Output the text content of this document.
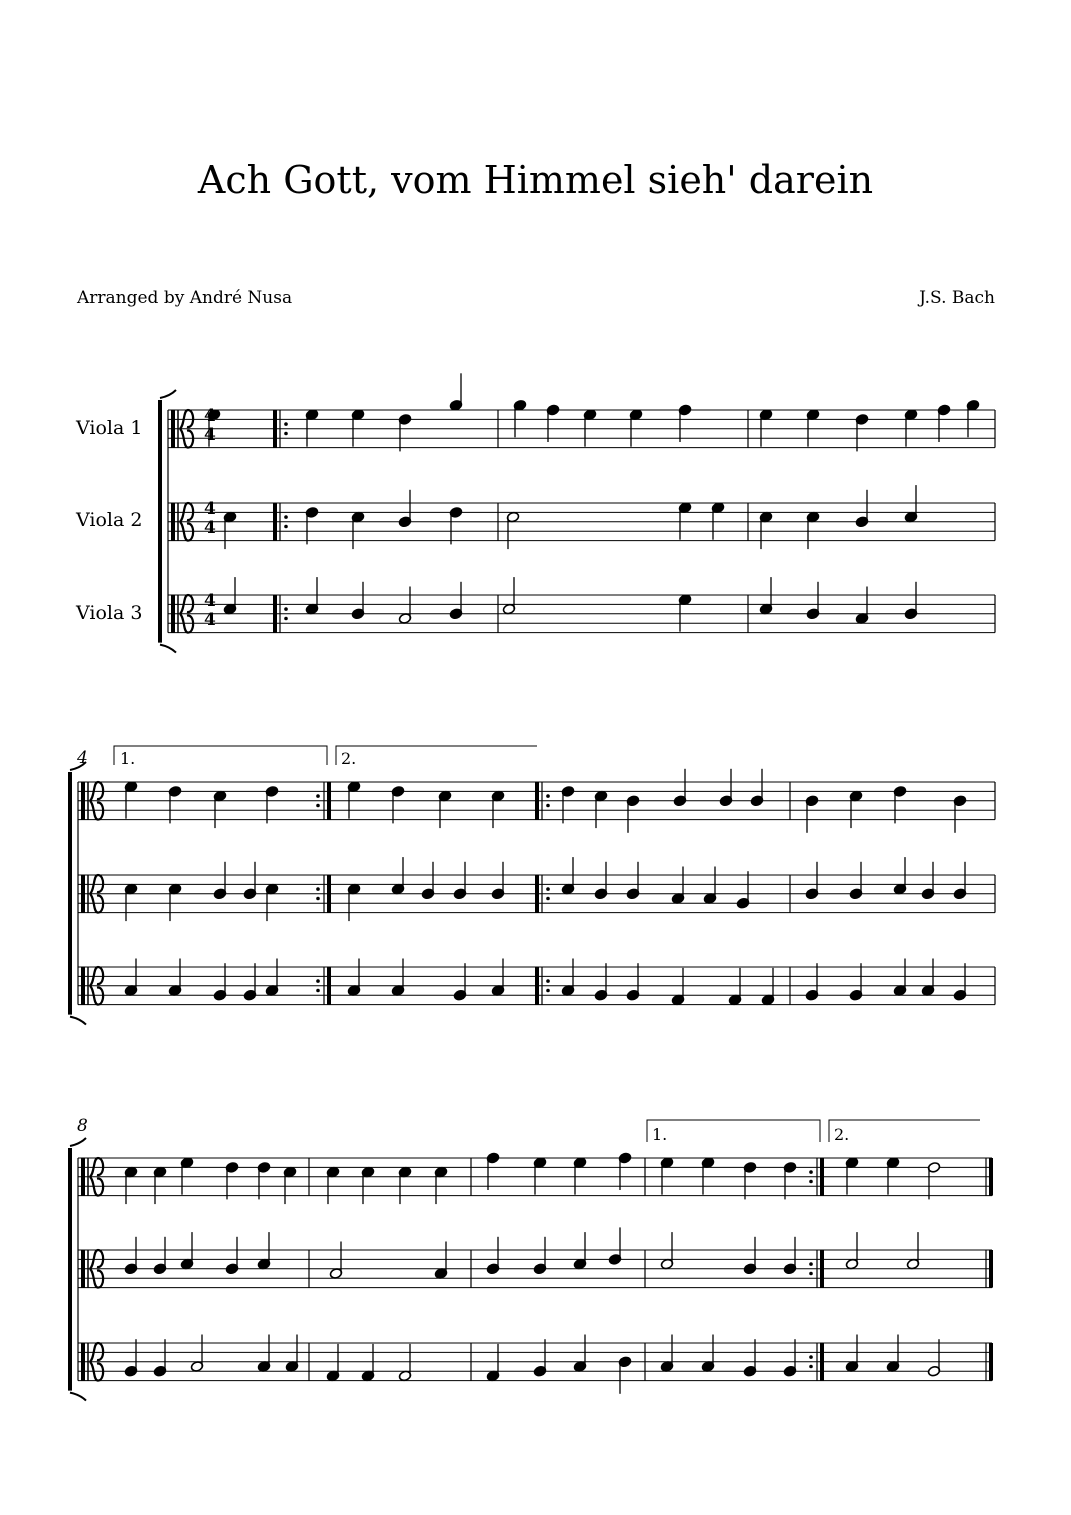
Ach Gott, vom Himmel sieh' darein
Arranged by André Nusa	J.S. Bach
Viola 1
Viola 2
Viola 3
4
4
4
4
4
4
4
8
1.	2.
1.	2.
